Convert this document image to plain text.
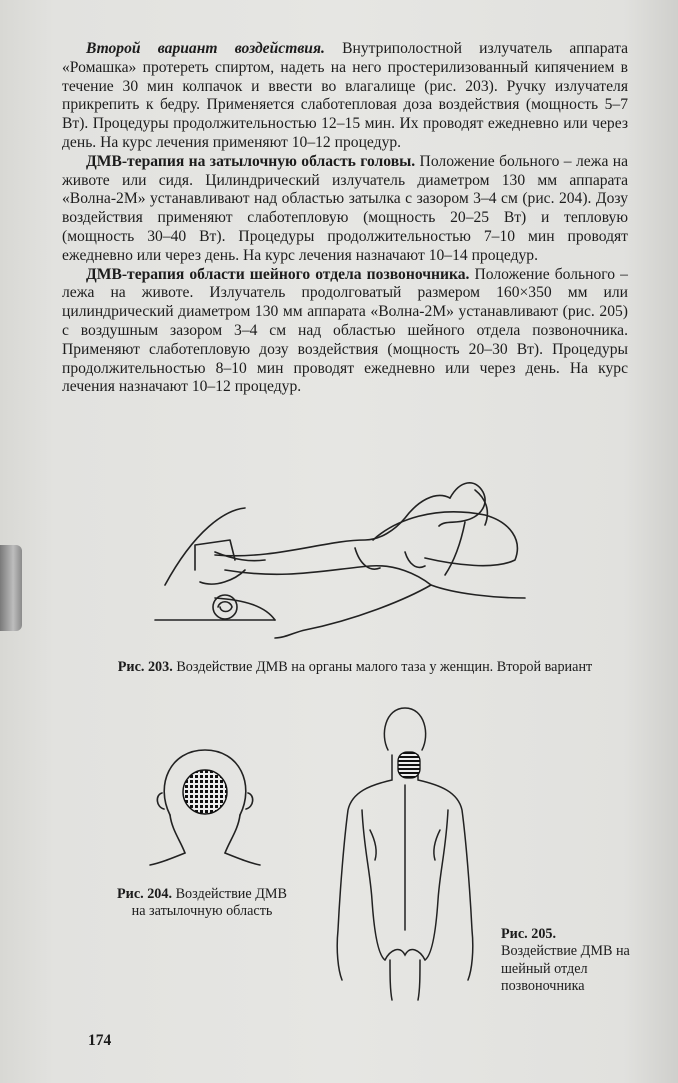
Второй вариант воздействия. Внутриполостной излучатель аппарата «Ромашка» протереть спиртом, надеть на него простерилизованный кипячением в течение 30 мин колпачок и ввести во влагалище (рис. 203). Ручку излучателя прикрепить к бедру. Применяется слаботепловая доза воздействия (мощность 5–7 Вт). Процедуры продолжительностью 12–15 мин. Их проводят ежедневно или через день. На курс лечения применяют 10–12 процедур.

ДМВ-терапия на затылочную область головы. Положение больного – лежа на животе или сидя. Цилиндрический излучатель диаметром 130 мм аппарата «Волна-2М» устанавливают над областью затылка с зазором 3–4 см (рис. 204). Дозу воздействия применяют слаботепловую (мощность 20–25 Вт) и тепловую (мощность 30–40 Вт). Процедуры продолжительностью 7–10 мин проводят ежедневно или через день. На курс лечения назначают 10–14 процедур.

ДМВ-терапия области шейного отдела позвоночника. Положение больного – лежа на животе. Излучатель продолговатый размером 160×350 мм или цилиндрический диаметром 130 мм аппарата «Волна-2М» устанавливают (рис. 205) с воздушным зазором 3–4 см над областью шейного отдела позвоночника. Применяют слаботепловую дозу воздействия (мощность 20–30 Вт). Процедуры продолжительностью 8–10 мин проводят ежедневно или через день. На курс лечения назначают 10–12 процедур.

Рис. 203. Воздействие ДМВ на органы малого таза у женщин. Второй вариант
Рис. 204. Воздействие ДМВ на затылочную область
Рис. 205. Воздействие ДМВ на шейный отдел позвоночника
174
